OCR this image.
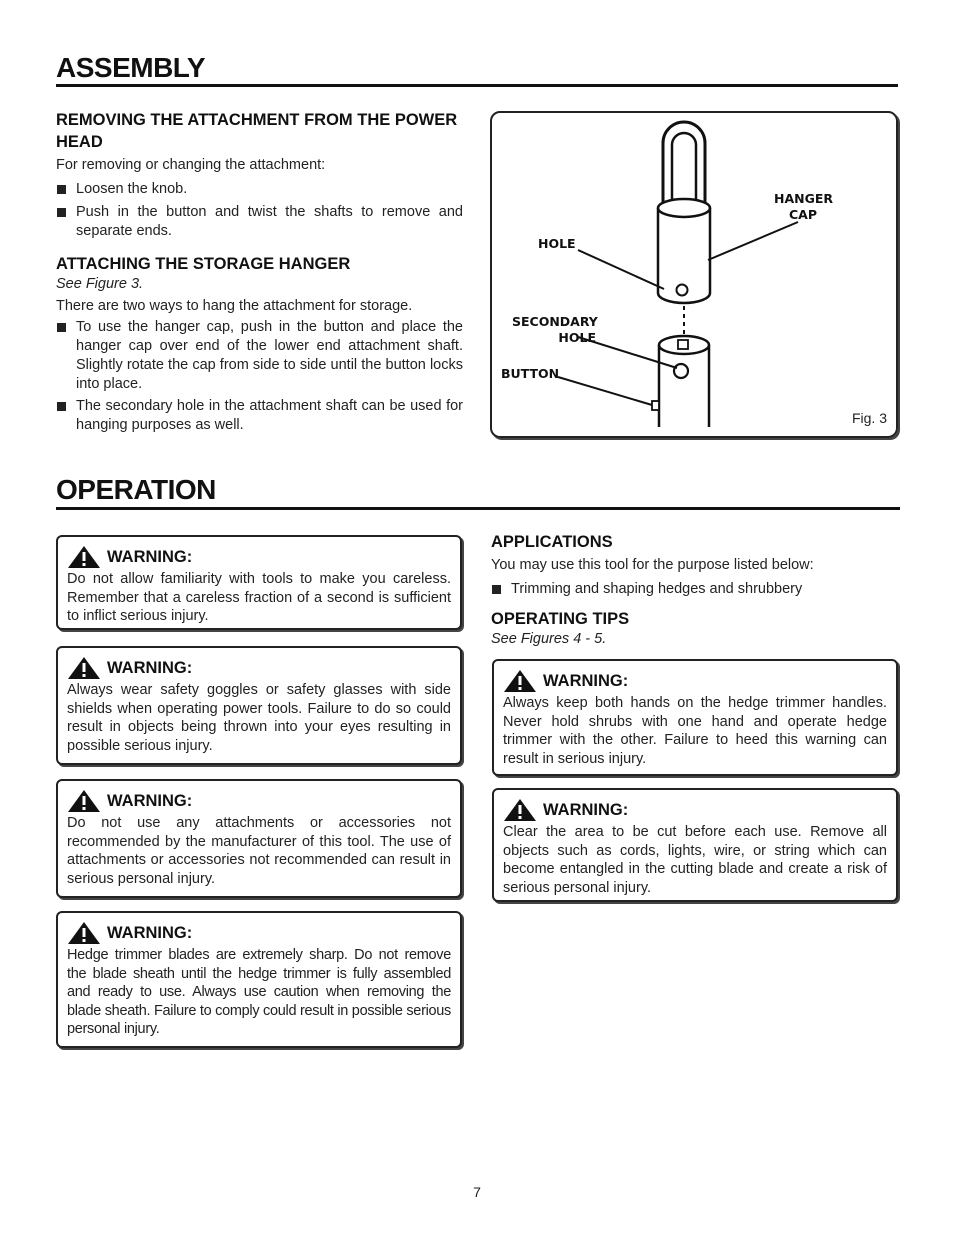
ASSEMBLY
REMOVING THE ATTACHMENT FROM THE POWER HEAD

For removing or changing the attachment:

Loosen the knob.
Push in the button and twist the shafts to remove and separate ends.
ATTACHING THE STORAGE HANGER

See Figure 3.

There are two ways to hang the attachment for storage.

To use the hanger cap, push in the button and place the hanger cap over end of the lower end attachment shaft. Slightly rotate the cap from side to side until the button locks into place.
The secondary hole in the attachment shaft can be used for hanging purposes as well.
HANGER
CAP
HOLE
SECONDARY
HOLE
BUTTON
Fig. 3
OPERATION
WARNING:

Do not allow familiarity with tools to make you careless. Remember that a careless fraction of a second is sufficient to inflict serious injury.

WARNING:

Always wear safety goggles or safety glasses with side shields when operating power tools. Failure to do so could result in objects being thrown into your eyes resulting in possible serious injury.

WARNING:

Do not use any attachments or accessories not recommended by the manufacturer of this tool. The use of attachments or accessories not recommended can result in serious personal injury.

WARNING:

Hedge trimmer blades are extremely sharp. Do not remove the blade sheath until the hedge trimmer is fully assembled and ready to use. Always use caution when removing the blade sheath. Failure to comply could result in possible serious personal injury.

APPLICATIONS

You may use this tool for the purpose listed below:

Trimming and shaping hedges and shrubbery
OPERATING TIPS

See Figures 4 - 5.

WARNING:

Always keep both hands on the hedge trimmer handles. Never hold shrubs with one hand and operate hedge trimmer with the other. Failure to heed this warning can result in serious injury.

WARNING:

Clear the area to be cut before each use. Remove all objects such as cords, lights, wire, or string which can become entangled in the cutting blade and create a risk of serious personal injury.

7
